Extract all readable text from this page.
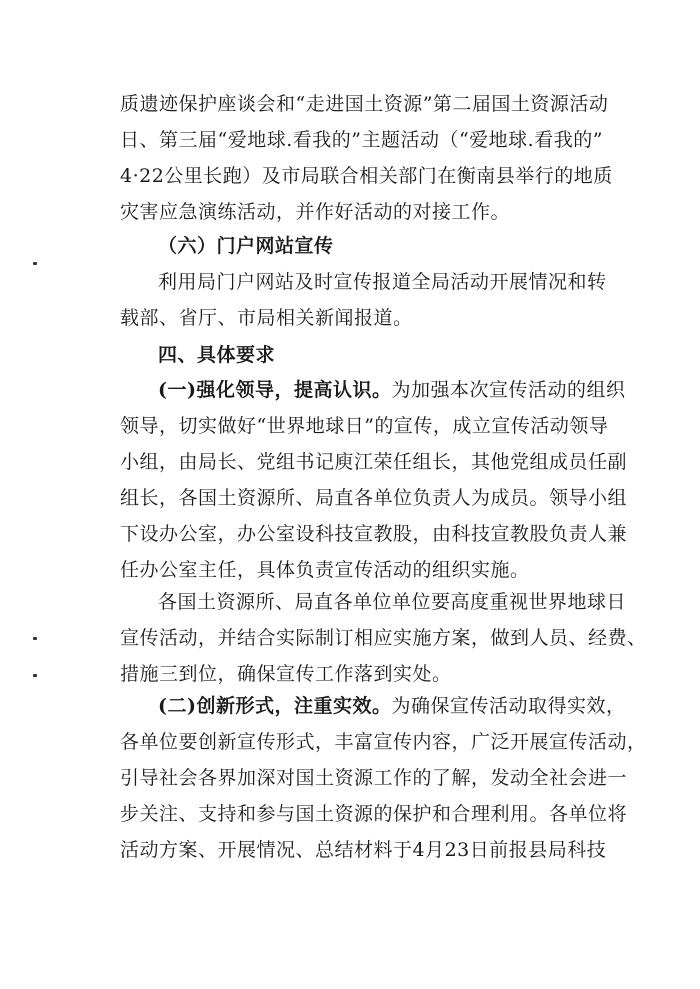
质遗迹保护座谈会和“走进国土资源”第二届国土资源活动
日、第三届“爱地球.看我的”主题活动（“爱地球.看我的”
4·22公里长跑）及市局联合相关部门在衡南县举行的地质
灾害应急演练活动，并作好活动的对接工作。
（六）门户网站宣传
利用局门户网站及时宣传报道全局活动开展情况和转
载部、省厅、市局相关新闻报道。
四、具体要求
(一)强化领导，提高认识。为加强本次宣传活动的组织
领导，切实做好“世界地球日”的宣传，成立宣传活动领导
小组，由局长、党组书记庾江荣任组长，其他党组成员任副
组长，各国土资源所、局直各单位负责人为成员。领导小组
下设办公室，办公室设科技宣教股，由科技宣教股负责人兼
任办公室主任，具体负责宣传活动的组织实施。
各国土资源所、局直各单位单位要高度重视世界地球日
宣传活动，并结合实际制订相应实施方案，做到人员、经费、
措施三到位，确保宣传工作落到实处。
(二)创新形式，注重实效。为确保宣传活动取得实效，
各单位要创新宣传形式，丰富宣传内容，广泛开展宣传活动，
引导社会各界加深对国土资源工作的了解，发动全社会进一
步关注、支持和参与国土资源的保护和合理利用。各单位将
活动方案、开展情况、总结材料于4月23日前报县局科技
